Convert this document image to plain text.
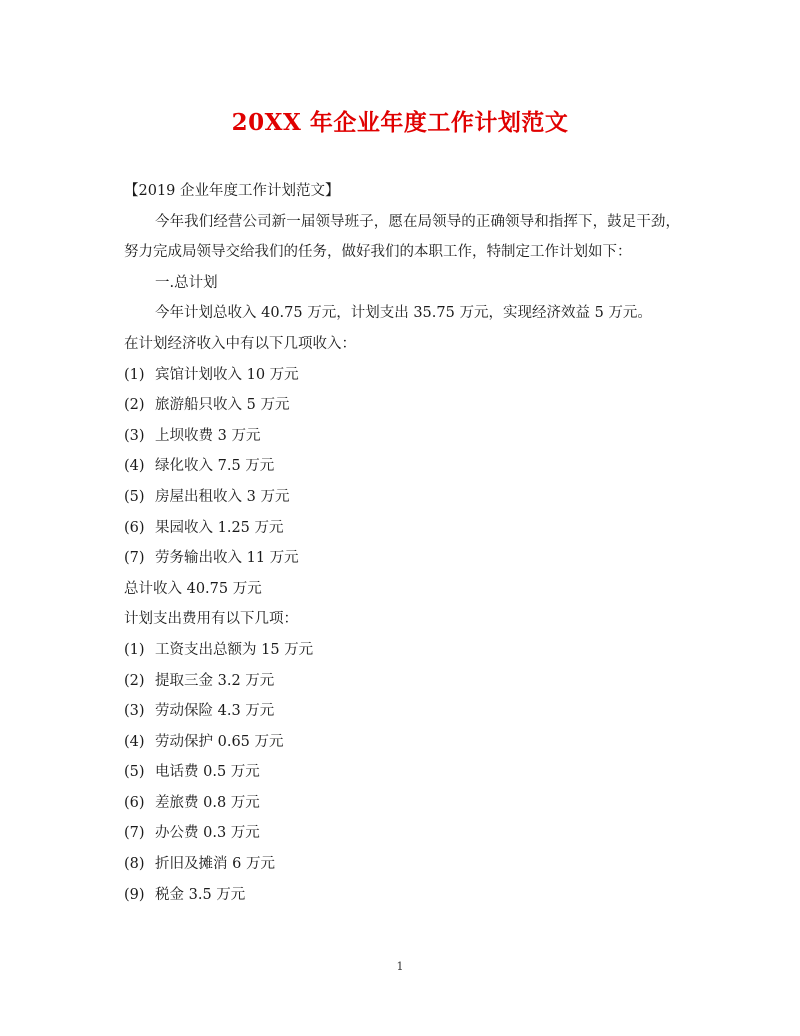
20XX 年企业年度工作计划范文
【2019 企业年度工作计划范文】
今年我们经营公司新一届领导班子，愿在局领导的正确领导和指挥下，鼓足干劲，努力完成局领导交给我们的任务，做好我们的本职工作，特制定工作计划如下：
一.总计划
今年计划总收入 40.75 万元，计划支出 35.75 万元，实现经济效益 5 万元。
在计划经济收入中有以下几项收入：
(1) 宾馆计划收入 10 万元
(2) 旅游船只收入 5 万元
(3) 上坝收费 3 万元
(4) 绿化收入 7.5 万元
(5) 房屋出租收入 3 万元
(6) 果园收入 1.25 万元
(7) 劳务输出收入 11 万元
总计收入 40.75 万元
计划支出费用有以下几项：
(1) 工资支出总额为 15 万元
(2) 提取三金 3.2 万元
(3) 劳动保险 4.3 万元
(4) 劳动保护 0.65 万元
(5) 电话费 0.5 万元
(6) 差旅费 0.8 万元
(7) 办公费 0.3 万元
(8) 折旧及摊消 6 万元
(9) 税金 3.5 万元
1
